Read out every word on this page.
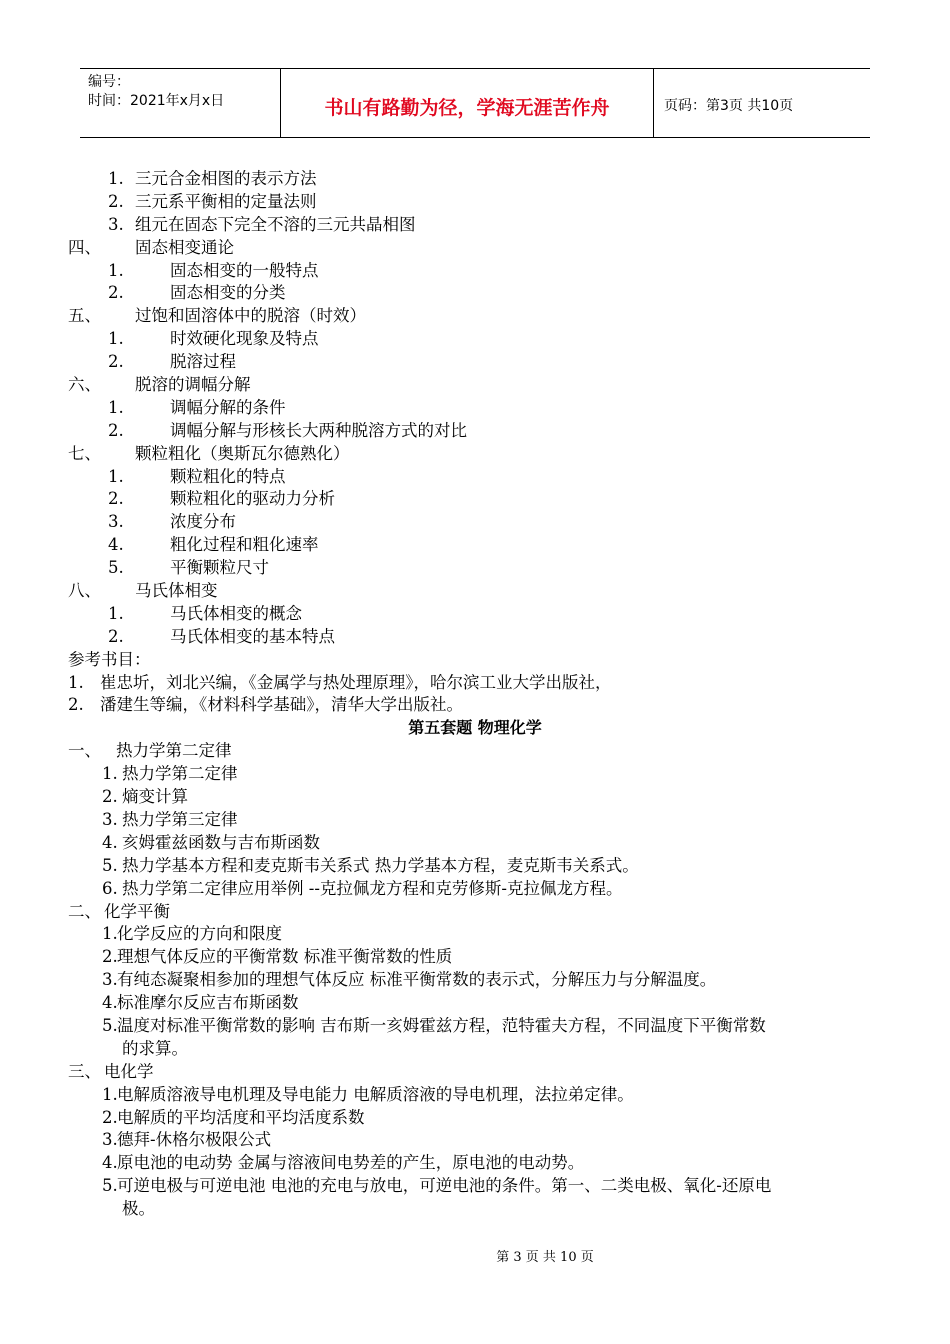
编号：
时间：2021年x月x日	书山有路勤为径，学海无涯苦作舟	页码：第3页 共10页
1. 三元合金相图的表示方法
2. 三元系平衡相的定量法则
3. 组元在固态下完全不溶的三元共晶相图
四、 固态相变通论
1.	固态相变的一般特点
2.	固态相变的分类
五、 过饱和固溶体中的脱溶（时效）
1.	时效硬化现象及特点
2.	脱溶过程
六、 脱溶的调幅分解
1.	调幅分解的条件
2.	调幅分解与形核长大两种脱溶方式的对比
七、 颗粒粗化（奥斯瓦尔德熟化）
1.	颗粒粗化的特点
2.	颗粒粗化的驱动力分析
3.	浓度分布
4.	粗化过程和粗化速率
5.	平衡颗粒尺寸
八、 马氏体相变
1.	马氏体相变的概念
2.	马氏体相变的基本特点
参考书目：
1. 崔忠圻，刘北兴编，《金属学与热处理原理》，哈尔滨工业大学出版社，
2. 潘建生等编，《材料科学基础》，清华大学出版社。
第五套题 物理化学
一、 热力学第二定律
1. 热力学第二定律
2. 熵变计算
3. 热力学第三定律
4. 亥姆霍兹函数与吉布斯函数
5. 热力学基本方程和麦克斯韦关系式 热力学基本方程，麦克斯韦关系式。
6. 热力学第二定律应用举例 --克拉佩龙方程和克劳修斯-克拉佩龙方程。
二、 化学平衡
1. 化学反应的方向和限度
2. 理想气体反应的平衡常数 标准平衡常数的性质
3. 有纯态凝聚相参加的理想气体反应 标准平衡常数的表示式，分解压力与分解温度。
4. 标准摩尔反应吉布斯函数
5. 温度对标准平衡常数的影响 吉布斯一亥姆霍兹方程，范特霍夫方程，不同温度下平衡常数
的求算。
三、 电化学
1. 电解质溶液导电机理及导电能力 电解质溶液的导电机理，法拉弟定律。
2. 电解质的平均活度和平均活度系数
3. 德拜-休格尔极限公式
4. 原电池的电动势 金属与溶液间电势差的产生，原电池的电动势。
5. 可逆电极与可逆电池 电池的充电与放电，可逆电池的条件。第一、二类电极、氧化-还原电
极。
第 3 页 共 10 页
